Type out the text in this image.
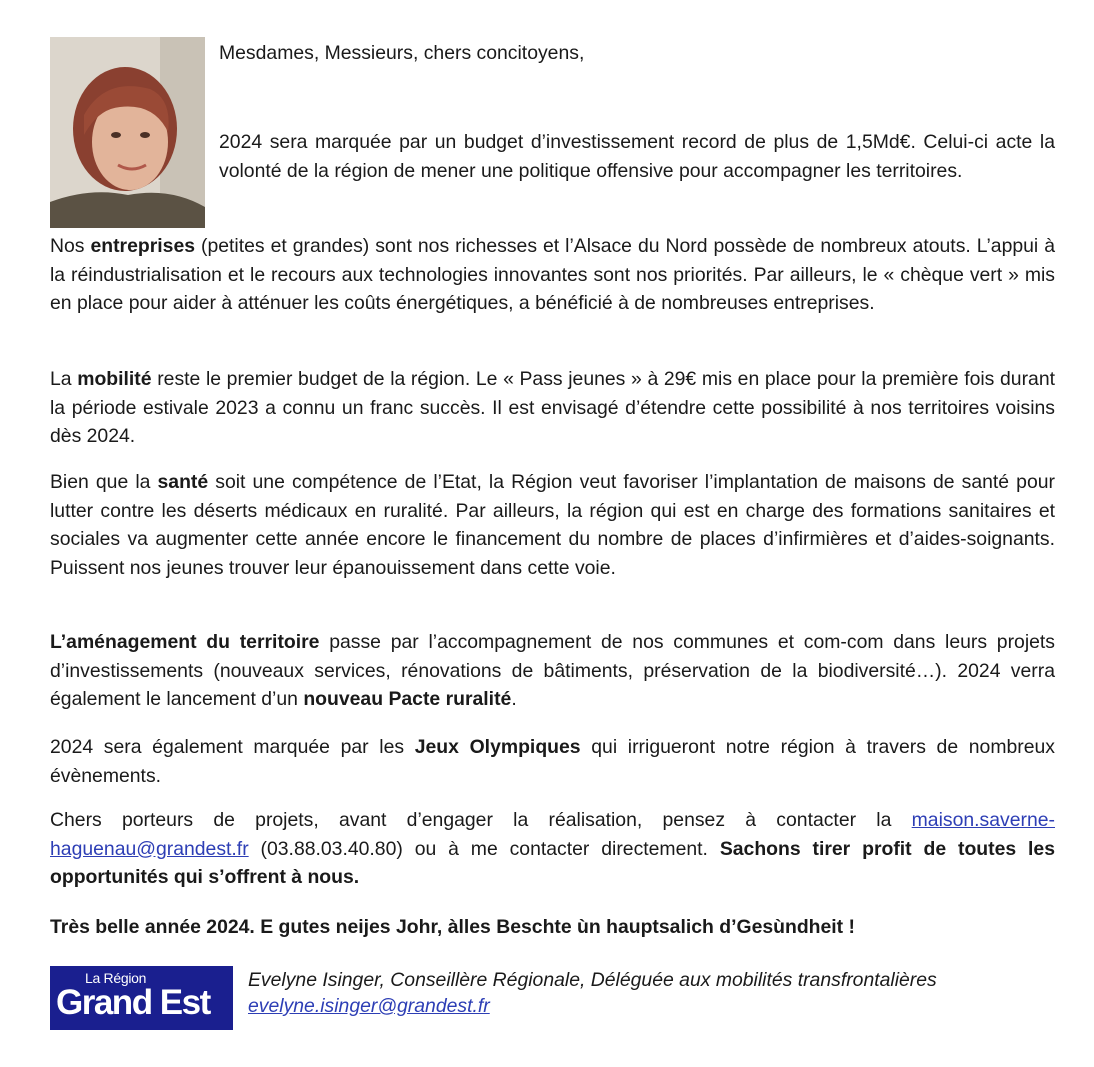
Mesdames, Messieurs, chers concitoyens,

2024 sera marquée par un budget d’investissement record de plus de 1,5Md€. Celui-ci acte la volonté de la région de mener une politique offensive pour accompagner les territoires.

Nos entreprises (petites et grandes) sont nos richesses et l’Alsace du Nord possède de nombreux atouts. L’appui à la réindustrialisation et le recours aux technologies innovantes sont nos priorités. Par ailleurs, le « chèque vert » mis en place pour aider à atténuer les coûts énergétiques, a bénéficié à de nombreuses entreprises.

La mobilité reste le premier budget de la région. Le « Pass jeunes » à 29€ mis en place pour la première fois durant la période estivale 2023 a connu un franc succès. Il est envisagé d’étendre cette possibilité à nos territoires voisins dès 2024.

Bien que la santé soit une compétence de l’Etat, la Région veut favoriser l’implantation de maisons de santé pour lutter contre les déserts médicaux en ruralité. Par ailleurs, la région qui est en charge des formations sanitaires et sociales va augmenter cette année encore le financement du nombre de places d’infirmières et d’aides-soignants. Puissent nos jeunes trouver leur épanouissement dans cette voie.

L’aménagement du territoire passe par l’accompagnement de nos communes et com-com dans leurs projets d’investissements (nouveaux services, rénovations de bâtiments, préservation de la biodiversité…). 2024 verra également le lancement d’un nouveau Pacte ruralité.

2024 sera également marquée par les Jeux Olympiques qui irrigueront notre région à travers de nombreux évènements.

Chers porteurs de projets, avant d’engager la réalisation, pensez à contacter la maison.saverne-haguenau@grandest.fr (03.88.03.40.80) ou à me contacter directement. Sachons tirer profit de toutes les opportunités qui s’offrent à nous.

Très belle année 2024. E gutes neijes Johr, àlles Beschte ùn hauptsalich d’Gesùndheit !

La Région
Grand Est
Evelyne Isinger, Conseillère Régionale, Déléguée aux mobilités transfrontalières
evelyne.isinger@grandest.fr
